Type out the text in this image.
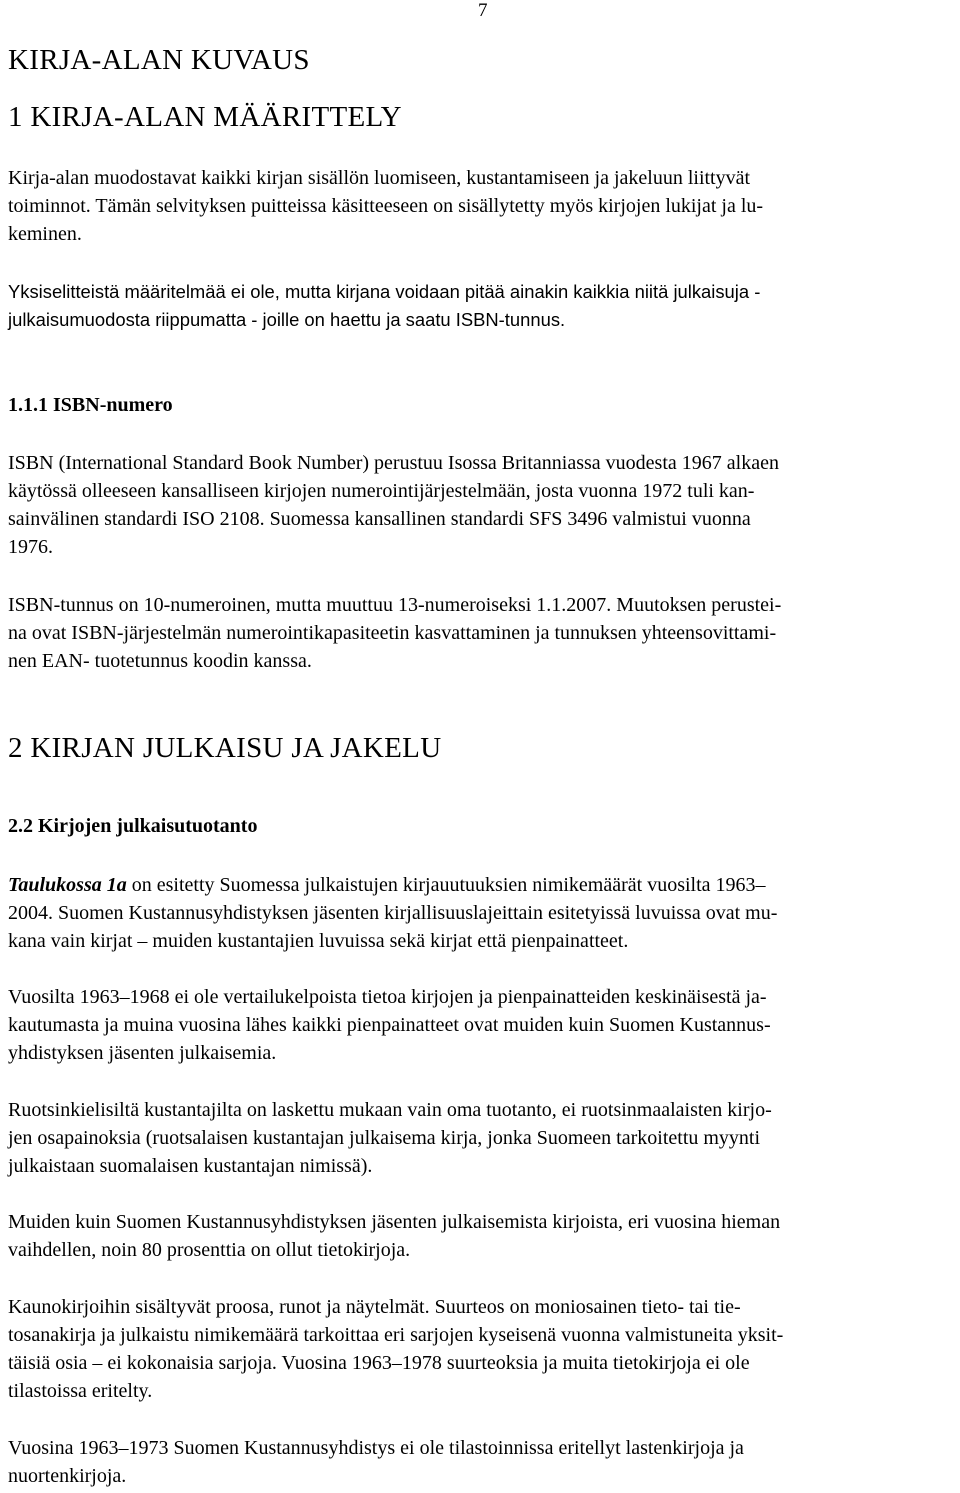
7
KIRJA-ALAN KUVAUS
1 KIRJA-ALAN MÄÄRITTELY

Kirja-alan muodostavat kaikki kirjan sisällön luomiseen, kustantamiseen ja jakeluun liittyvät
toiminnot. Tämän selvityksen puitteissa käsitteeseen on sisällytetty myös kirjojen lukijat ja lu-
keminen.

Yksiselitteistä määritelmää ei ole, mutta kirjana voidaan pitää ainakin kaikkia niitä julkaisuja -
julkaisumuodosta riippumatta - joille on haettu ja saatu ISBN-tunnus.

1.1.1 ISBN-numero

ISBN (International Standard Book Number) perustuu Isossa Britanniassa vuodesta 1967 alkaen
käytössä olleeseen kansalliseen kirjojen numerointijärjestelmään, josta vuonna 1972 tuli kan-
sainvälinen standardi ISO 2108. Suomessa kansallinen standardi SFS 3496 valmistui vuonna
1976.

ISBN-tunnus on 10-numeroinen, mutta muuttuu 13-numeroiseksi 1.1.2007. Muutoksen perustei-
na ovat ISBN-järjestelmän numerointikapasiteetin kasvattaminen ja tunnuksen yhteensovittami-
nen EAN- tuotetunnus koodin kanssa.

2 KIRJAN JULKAISU JA JAKELU
2.2 Kirjojen julkaisutuotanto

Taulukossa 1a on esitetty Suomessa julkaistujen kirjauutuuksien nimikemäärät vuosilta 1963–
2004. Suomen Kustannusyhdistyksen jäsenten kirjallisuuslajeittain esitetyissä luvuissa ovat mu-
kana vain kirjat – muiden kustantajien luvuissa sekä kirjat että pienpainatteet.

Vuosilta 1963–1968 ei ole vertailukelpoista tietoa kirjojen ja pienpainatteiden keskinäisestä ja-
kautumasta ja muina vuosina lähes kaikki pienpainatteet ovat muiden kuin Suomen Kustannus-
yhdistyksen jäsenten julkaisemia.

Ruotsinkielisiltä kustantajilta on laskettu mukaan vain oma tuotanto, ei ruotsinmaalaisten kirjo-
jen osapainoksia (ruotsalaisen kustantajan julkaisema kirja, jonka Suomeen tarkoitettu myynti
julkaistaan suomalaisen kustantajan nimissä).

Muiden kuin Suomen Kustannusyhdistyksen jäsenten julkaisemista kirjoista, eri vuosina hieman
vaihdellen, noin 80 prosenttia on ollut tietokirjoja.

Kaunokirjoihin sisältyvät proosa, runot ja näytelmät. Suurteos on moniosainen tieto- tai tie-
tosanakirja ja julkaistu nimikemäärä tarkoittaa eri sarjojen kyseisenä vuonna valmistuneita yksit-
täisiä osia – ei kokonaisia sarjoja. Vuosina 1963–1978 suurteoksia ja muita tietokirjoja ei ole
tilastoissa eritelty.

Vuosina 1963–1973 Suomen Kustannusyhdistys ei ole tilastoinnissa eritellyt lastenkirjoja ja
nuortenkirjoja.
